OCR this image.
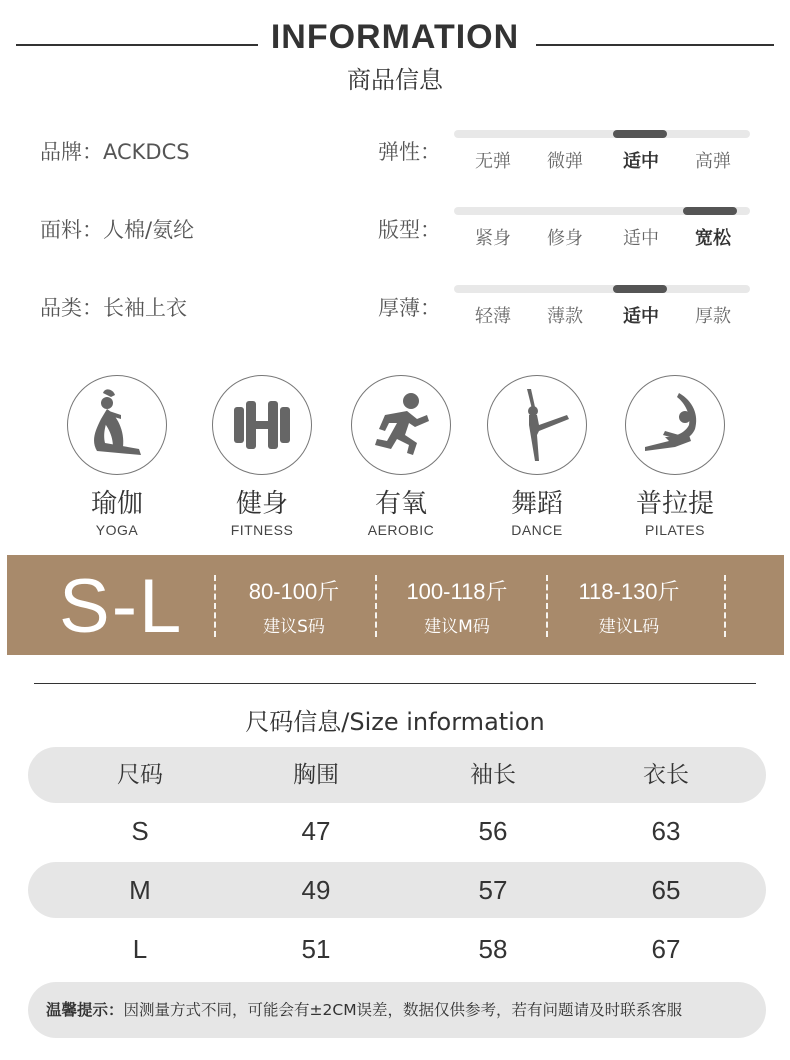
INFORMATION
商品信息
品牌：ACKDCS
面料：人棉/氨纶
品类：长袖上衣
弹性：	无弹	微弹	适中	高弹
版型：	紧身	修身	适中	宽松
厚薄：	轻薄	薄款	适中	厚款
瑜伽
YOGA
健身
FITNESS
有氧
AEROBIC
舞蹈
DANCE
普拉提
PILATES
S-L	80-100斤
建议S码
100-118斤
建议M码
118-130斤
建议L码
尺码信息/Size information
尺码	胸围	袖长	衣长
S	47	56	63
M	49	57	65
L	51	58	67
温馨提示：因测量方式不同，可能会有±2CM误差，数据仅供参考，若有问题请及时联系客服
